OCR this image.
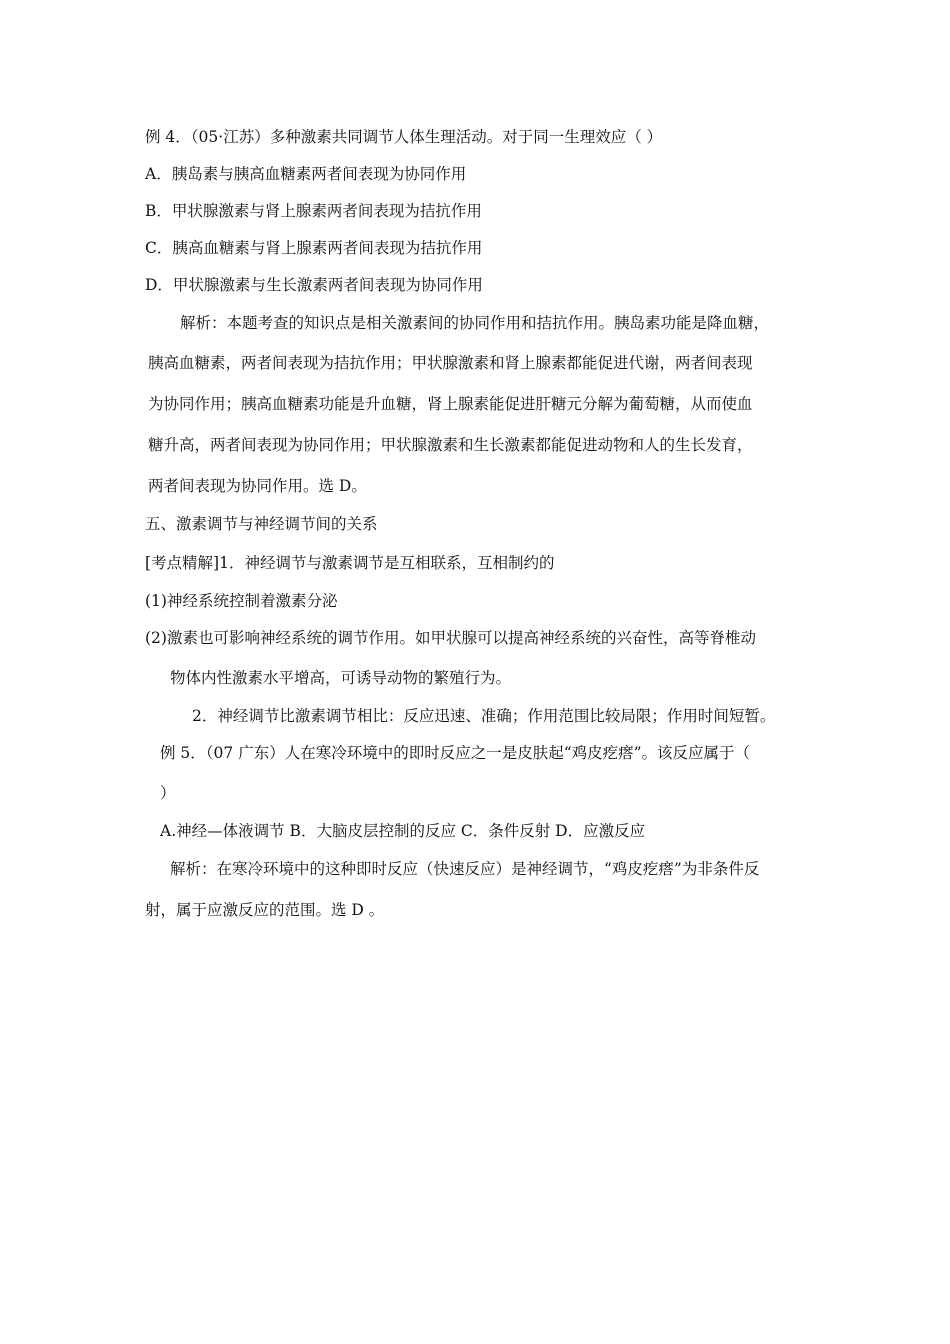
例 4．（05·江苏）多种激素共同调节人体生理活动。对于同一生理效应（ ）
A．胰岛素与胰高血糖素两者间表现为协同作用
B．甲状腺激素与肾上腺素两者间表现为拮抗作用
C．胰高血糖素与肾上腺素两者间表现为拮抗作用
D．甲状腺激素与生长激素两者间表现为协同作用
解析：本题考查的知识点是相关激素间的协同作用和拮抗作用。胰岛素功能是降血糖，
胰高血糖素，两者间表现为拮抗作用；甲状腺激素和肾上腺素都能促进代谢，两者间表现
为协同作用；胰高血糖素功能是升血糖，肾上腺素能促进肝糖元分解为葡萄糖，从而使血
糖升高，两者间表现为协同作用；甲状腺激素和生长激素都能促进动物和人的生长发育，
两者间表现为协同作用。选 D。
五、激素调节与神经调节间的关系
[考点精解]1．神经调节与激素调节是互相联系，互相制约的
(1)神经系统控制着激素分泌
(2)激素也可影响神经系统的调节作用。如甲状腺可以提高神经系统的兴奋性，高等脊椎动
物体内性激素水平增高，可诱导动物的繁殖行为。
2．神经调节比激素调节相比：反应迅速、准确；作用范围比较局限；作用时间短暂。
例 5．（07 广东）人在寒冷环境中的即时反应之一是皮肤起“鸡皮疙瘩”。该反应属于（
）
A.神经—体液调节 B．大脑皮层控制的反应 C．条件反射 D．应激反应
解析：在寒冷环境中的这种即时反应（快速反应）是神经调节，“鸡皮疙瘩”为非条件反
射，属于应激反应的范围。选 D 。
